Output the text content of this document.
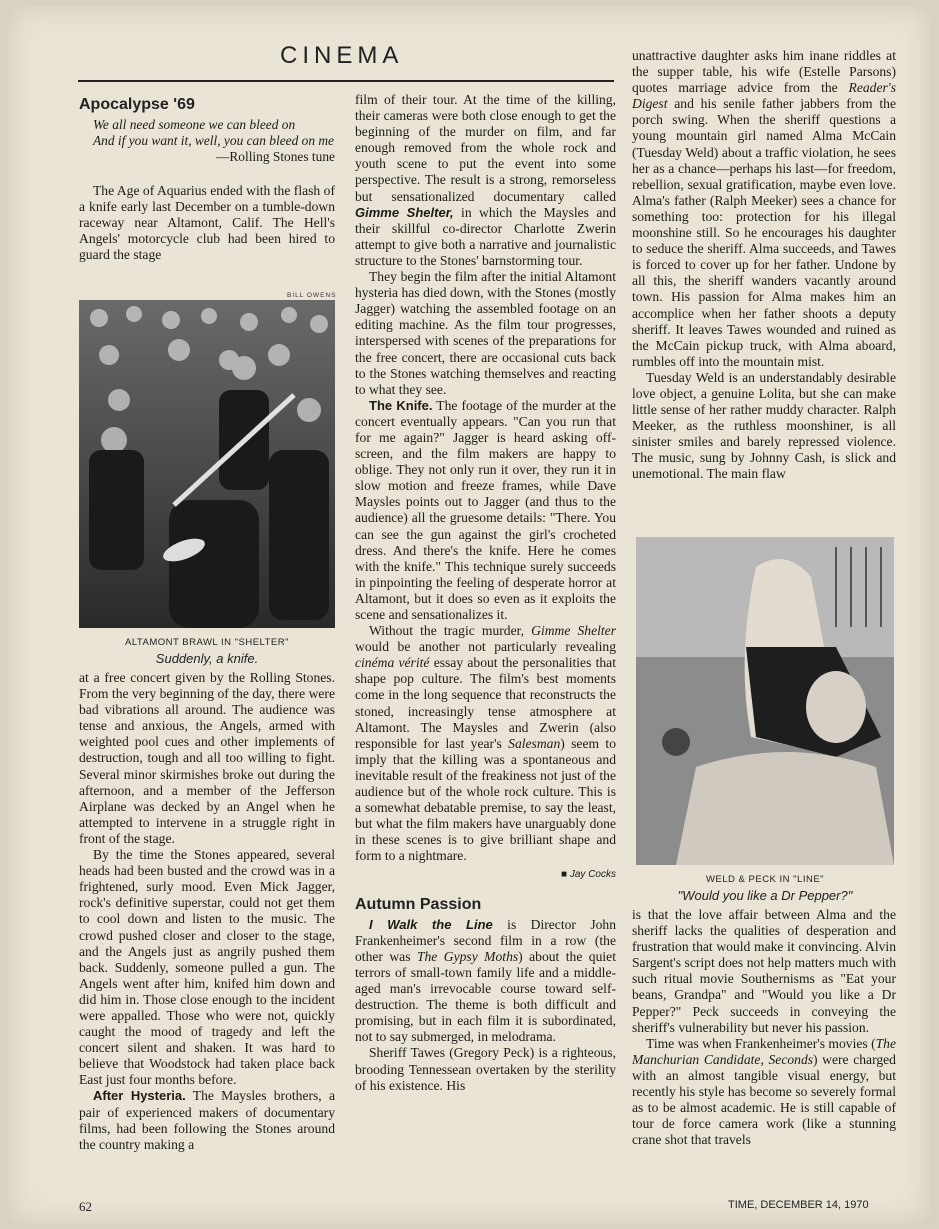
CINEMA
Apocalypse '69
We all need someone we can bleed on
And if you want it, well, you can bleed on me
—Rolling Stones tune

The Age of Aquarius ended with the flash of a knife early last December on a tumble-down raceway near Altamont, Calif. The Hell's Angels' motorcycle club had been hired to guard the stage

BILL OWENS
ALTAMONT BRAWL IN "SHELTER"
Suddenly, a knife.

at a free concert given by the Rolling Stones. From the very beginning of the day, there were bad vibrations all around. The audience was tense and anxious, the Angels, armed with weighted pool cues and other implements of destruction, tough and all too willing to fight. Several minor skirmishes broke out during the afternoon, and a member of the Jefferson Airplane was decked by an Angel when he attempted to intervene in a struggle right in front of the stage.

By the time the Stones appeared, several heads had been busted and the crowd was in a frightened, surly mood. Even Mick Jagger, rock's definitive superstar, could not get them to cool down and listen to the music. The crowd pushed closer and closer to the stage, and the Angels just as angrily pushed them back. Suddenly, someone pulled a gun. The Angels went after him, knifed him down and did him in. Those close enough to the incident were appalled. Those who were not, quickly caught the mood of tragedy and left the concert silent and shaken. It was hard to believe that Woodstock had taken place back East just four months before.

After Hysteria. The Maysles brothers, a pair of experienced makers of documentary films, had been following the Stones around the country making a

film of their tour. At the time of the killing, their cameras were both close enough to get the beginning of the murder on film, and far enough removed from the whole rock and youth scene to put the event into some perspective. The result is a strong, remorseless but sensationalized documentary called Gimme Shelter, in which the Maysles and their skillful co-director Charlotte Zwerin attempt to give both a narrative and journalistic structure to the Stones' barnstorming tour.

They begin the film after the initial Altamont hysteria has died down, with the Stones (mostly Jagger) watching the assembled footage on an editing machine. As the film tour progresses, interspersed with scenes of the preparations for the free concert, there are occasional cuts back to the Stones watching themselves and reacting to what they see.

The Knife. The footage of the murder at the concert eventually appears. "Can you run that for me again?" Jagger is heard asking off-screen, and the film makers are happy to oblige. They not only run it over, they run it in slow motion and freeze frames, while Dave Maysles points out to Jagger (and thus to the audience) all the gruesome details: "There. You can see the gun against the girl's crocheted dress. And there's the knife. Here he comes with the knife." This technique surely succeeds in pinpointing the feeling of desperate horror at Altamont, but it does so even as it exploits the scene and sensationalizes it.

Without the tragic murder, Gimme Shelter would be another not particularly revealing cinéma vérité essay about the personalities that shape pop culture. The film's best moments come in the long sequence that reconstructs the stoned, increasingly tense atmosphere at Altamont. The Maysles and Zwerin (also responsible for last year's Salesman) seem to imply that the killing was a spontaneous and inevitable result of the freakiness not just of the audience but of the whole rock culture. This is a somewhat debatable premise, to say the least, but what the film makers have unarguably done in these scenes is to give brilliant shape and form to a nightmare.

■ Jay Cocks
Autumn Passion

I Walk the Line is Director John Frankenheimer's second film in a row (the other was The Gypsy Moths) about the quiet terrors of small-town family life and a middle-aged man's irrevocable course toward self-destruction. The theme is both difficult and promising, but in each film it is subordinated, not to say submerged, in melodrama.

Sheriff Tawes (Gregory Peck) is a righteous, brooding Tennessean overtaken by the sterility of his existence. His

unattractive daughter asks him inane riddles at the supper table, his wife (Estelle Parsons) quotes marriage advice from the Reader's Digest and his senile father jabbers from the porch swing. When the sheriff questions a young mountain girl named Alma McCain (Tuesday Weld) about a traffic violation, he sees her as a chance—perhaps his last—for freedom, rebellion, sexual gratification, maybe even love. Alma's father (Ralph Meeker) sees a chance for something too: protection for his illegal moonshine still. So he encourages his daughter to seduce the sheriff. Alma succeeds, and Tawes is forced to cover up for her father. Undone by all this, the sheriff wanders vacantly around town. His passion for Alma makes him an accomplice when her father shoots a deputy sheriff. It leaves Tawes wounded and ruined as the McCain pickup truck, with Alma aboard, rumbles off into the mountain mist.

Tuesday Weld is an understandably desirable love object, a genuine Lolita, but she can make little sense of her rather muddy character. Ralph Meeker, as the ruthless moonshiner, is all sinister smiles and barely repressed violence. The music, sung by Johnny Cash, is slick and unemotional. The main flaw

WELD & PECK IN "LINE"
"Would you like a Dr Pepper?"

is that the love affair between Alma and the sheriff lacks the qualities of desperation and frustration that would make it convincing. Alvin Sargent's script does not help matters much with such ritual movie Southernisms as "Eat your beans, Grandpa" and "Would you like a Dr Pepper?" Peck succeeds in conveying the sheriff's vulnerability but never his passion.

Time was when Frankenheimer's movies (The Manchurian Candidate, Seconds) were charged with an almost tangible visual energy, but recently his style has become so severely formal as to be almost academic. He is still capable of tour de force camera work (like a stunning crane shot that travels

62	TIME, DECEMBER 14, 1970
